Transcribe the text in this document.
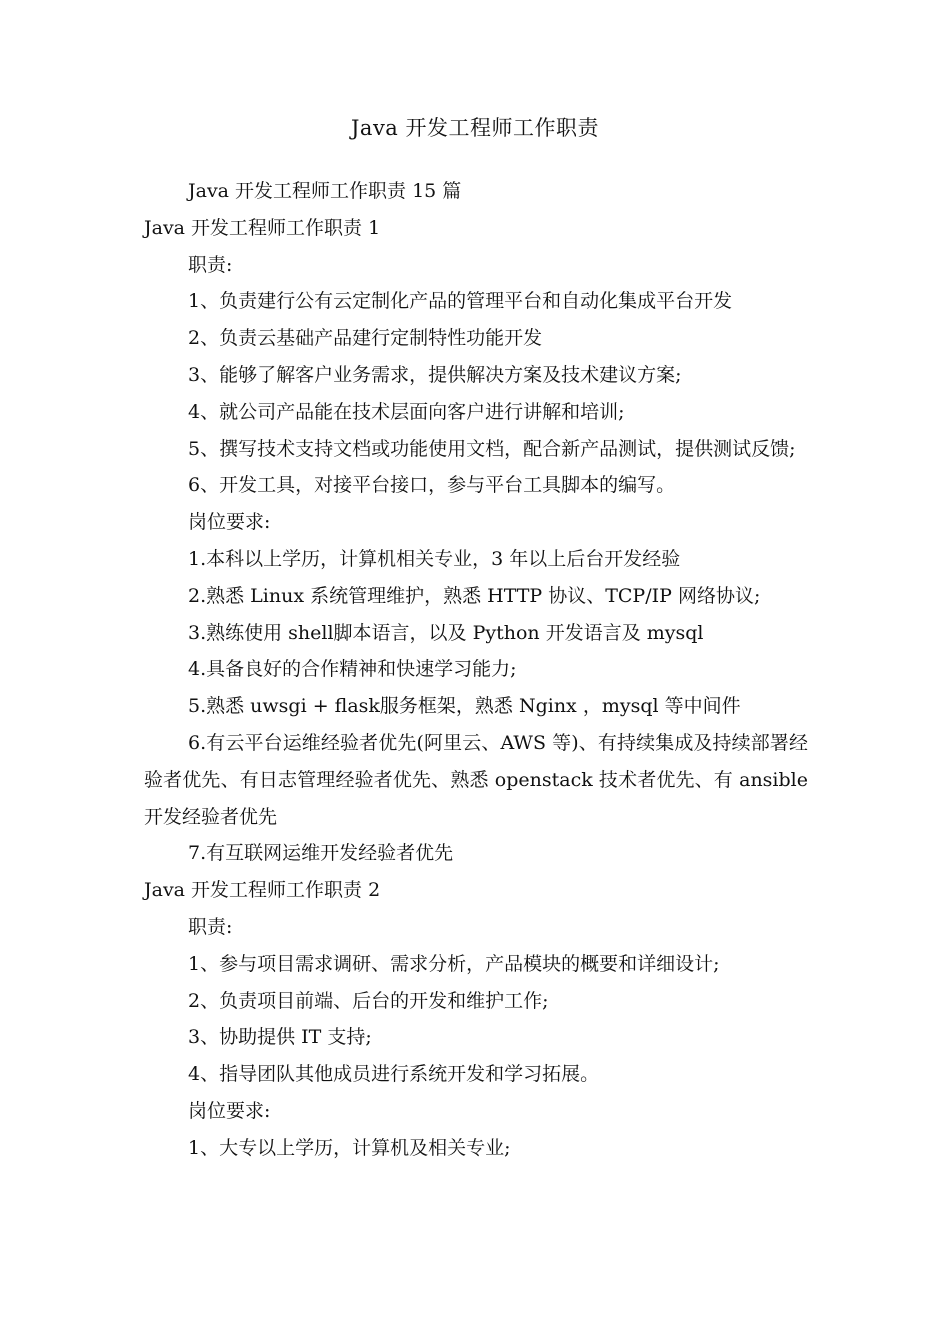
Java 开发工程师工作职责

Java 开发工程师工作职责 15 篇

Java 开发工程师工作职责 1

职责:

1、负责建行公有云定制化产品的管理平台和自动化集成平台开发

2、负责云基础产品建行定制特性功能开发

3、能够了解客户业务需求，提供解决方案及技术建议方案;

4、就公司产品能在技术层面向客户进行讲解和培训;

5、撰写技术支持文档或功能使用文档，配合新产品测试，提供测试反馈;

6、开发工具，对接平台接口，参与平台工具脚本的编写。

岗位要求:

1.本科以上学历，计算机相关专业，3 年以上后台开发经验

2.熟悉 Linux 系统管理维护，熟悉 HTTP 协议、TCP/IP 网络协议;

3.熟练使用 shell脚本语言，以及 Python 开发语言及 mysql

4.具备良好的合作精神和快速学习能力;

5.熟悉 uwsgi + flask服务框架，熟悉 Nginx ，mysql 等中间件

6.有云平台运维经验者优先(阿里云、AWS 等)、有持续集成及持续部署经验者优先、有日志管理经验者优先、熟悉 openstack 技术者优先、有 ansible开发经验者优先

7.有互联网运维开发经验者优先

Java 开发工程师工作职责 2

职责:

1、参与项目需求调研、需求分析，产品模块的概要和详细设计;

2、负责项目前端、后台的开发和维护工作;

3、协助提供 IT 支持;

4、指导团队其他成员进行系统开发和学习拓展。

岗位要求:

1、大专以上学历，计算机及相关专业;
